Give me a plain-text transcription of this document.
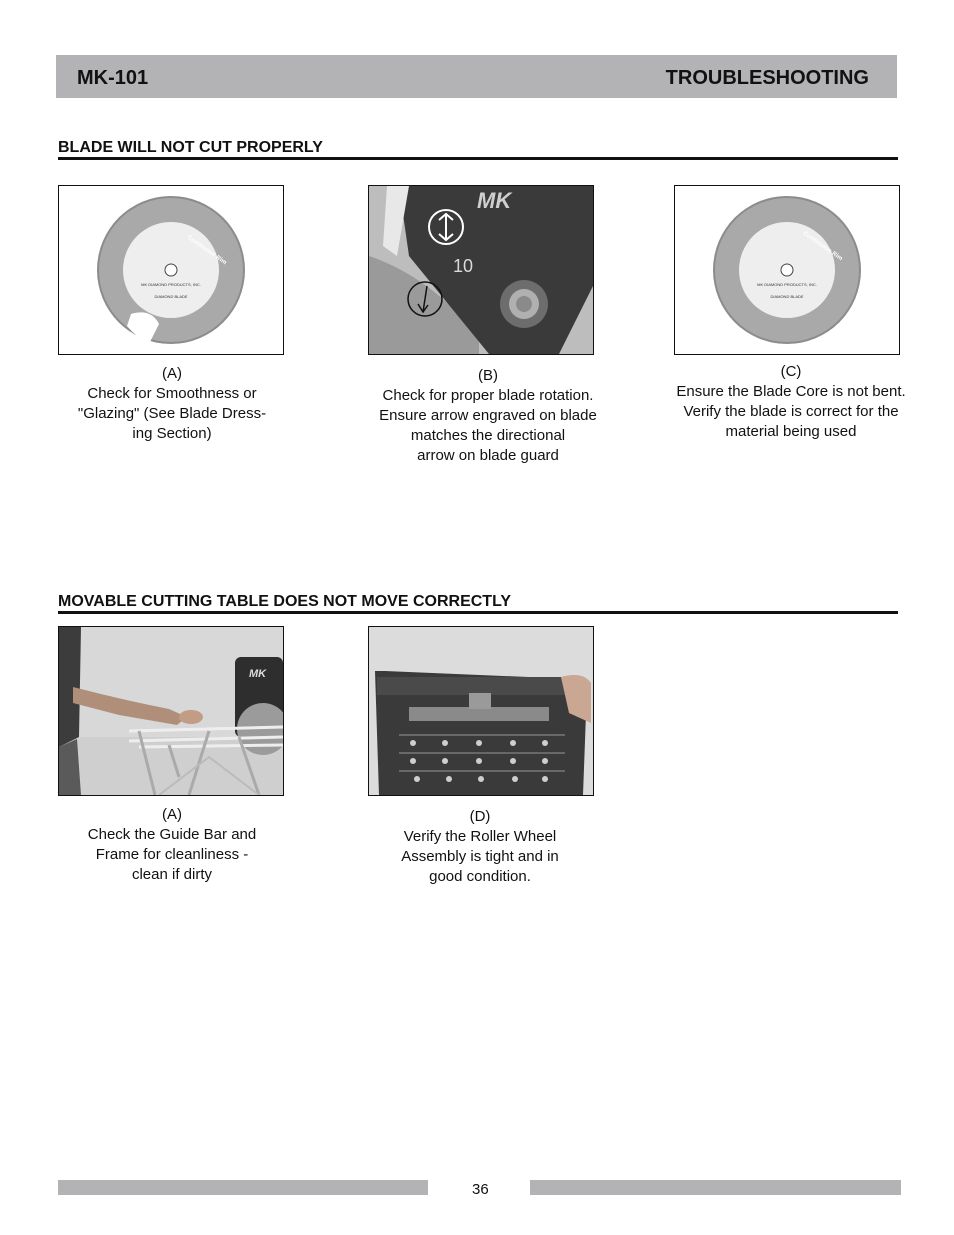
MK-101	TROUBLESHOOTING
BLADE WILL NOT CUT PROPERLY
Continuous Rim
MK DIAMOND PRODUCTS, INC.
DIAMOND BLADE
(A)
Check for Smoothness or
"Glazing" (See Blade Dress-
ing Section)
MK
10
(B)
Check for proper blade rotation.
Ensure arrow engraved on blade
matches the directional
arrow on blade guard
Continuous Rim
MK DIAMOND PRODUCTS, INC.
DIAMOND BLADE
(C)
Ensure the Blade Core is not bent.
Verify the blade is correct for the
material being used
MOVABLE CUTTING TABLE DOES NOT MOVE CORRECTLY
MK
(A)
Check the Guide Bar and
Frame for cleanliness -
clean if dirty
(D)
Verify the Roller Wheel
Assembly is tight and in
good condition.
36
